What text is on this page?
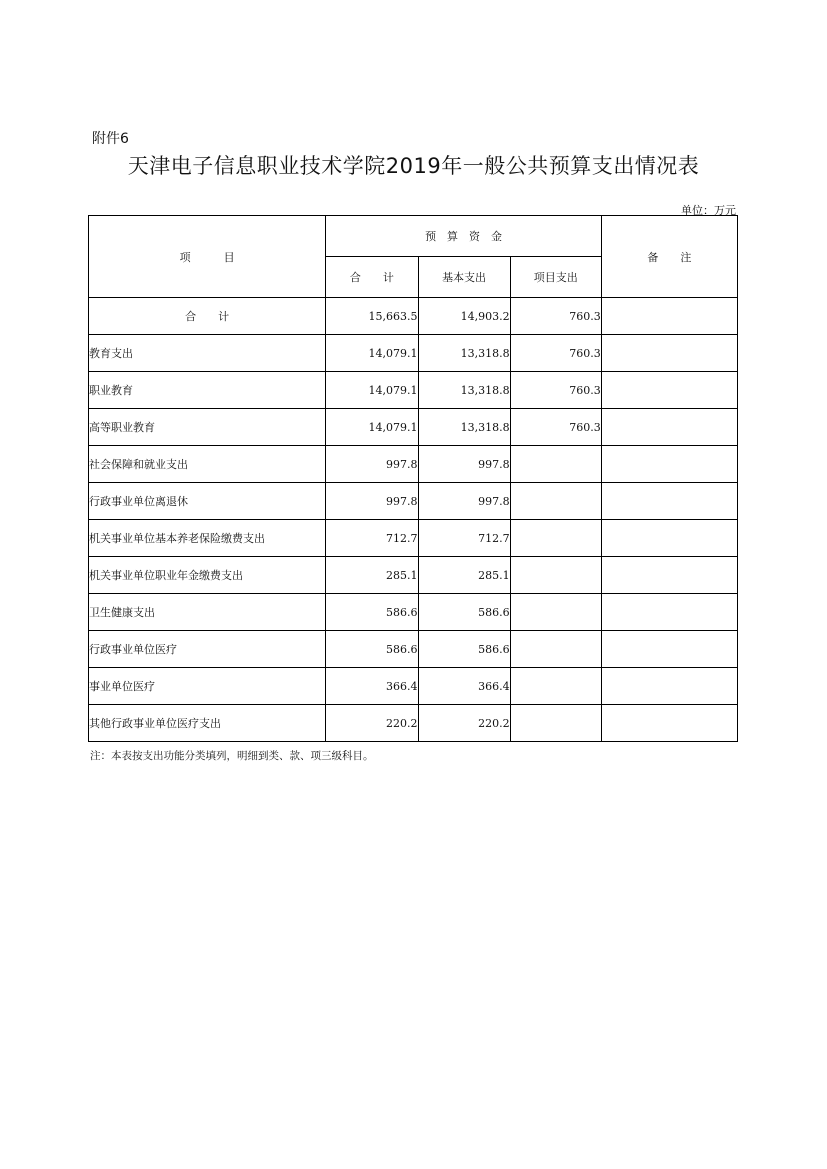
附件6
天津电子信息职业技术学院2019年一般公共预算支出情况表
单位：万元
项　　　目	预　算　资　金			备　　注
	合　　计	基本支出	项目支出	
合　　计	15,663.5	14,903.2	760.3	
教育支出	14,079.1	13,318.8	760.3	
职业教育	14,079.1	13,318.8	760.3	
高等职业教育	14,079.1	13,318.8	760.3	
社会保障和就业支出	997.8	997.8		
行政事业单位离退休	997.8	997.8		
机关事业单位基本养老保险缴费支出	712.7	712.7		
机关事业单位职业年金缴费支出	285.1	285.1		
卫生健康支出	586.6	586.6		
行政事业单位医疗	586.6	586.6		
事业单位医疗	366.4	366.4		
其他行政事业单位医疗支出	220.2	220.2		
注：本表按支出功能分类填列，明细到类、款、项三级科目。
